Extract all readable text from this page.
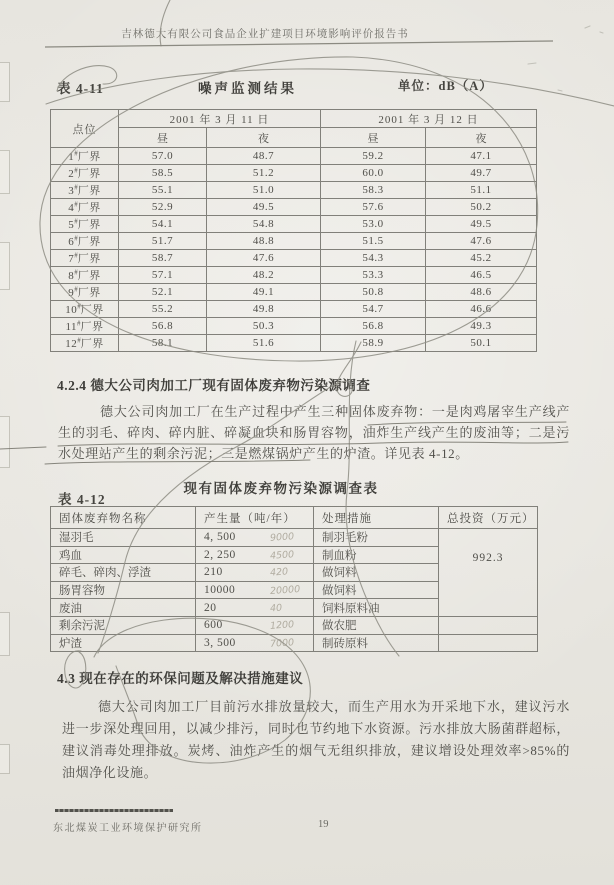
吉林德大有限公司食品企业扩建项目环境影响评价报告书
表 4-11	噪声监测结果	单位：dB（A）
点位	2001 年 3 月 11 日		2001 年 3 月 12 日	
	昼	夜	昼	夜
1#厂界	57.0	48.7	59.2	47.1
2#厂界	58.5	51.2	60.0	49.7
3#厂界	55.1	51.0	58.3	51.1
4#厂界	52.9	49.5	57.6	50.2
5#厂界	54.1	54.8	53.0	49.5
6#厂界	51.7	48.8	51.5	47.6
7#厂界	58.7	47.6	54.3	45.2
8#厂界	57.1	48.2	53.3	46.5
9#厂界	52.1	49.1	50.8	48.6
10#厂界	55.2	49.8	54.7	46.6
11#厂界	56.8	50.3	56.8	49.3
12#厂界	58.1	51.6	58.9	50.1
4.2.4 德大公司肉加工厂现有固体废弃物污染源调查
德大公司肉加工厂在生产过程中产生三种固体废弃物：一是肉鸡屠宰生产线产生的羽毛、碎肉、碎内脏、碎凝血块和肠胃容物，油炸生产线产生的废油等；二是污水处理站产生的剩余污泥；三是燃煤锅炉产生的炉渣。详见表 4-12。
表 4-12
现有固体废弃物污染源调查表
固体废弃物名称	产生量（吨/年）	处理措施	总投资（万元）
湿羽毛	4, 500 9000	制羽毛粉	992.3
鸡血	2, 250 4500	制血粉	
碎毛、碎肉、浮渣	210 420	做饲料	
肠胃容物	10000 20000	做饲料	
废油	20 40	饲料原料油	
剩余污泥	600 1200	做农肥	
炉渣	3, 500 7000	制砖原料	
4.3 现在存在的环保问题及解决措施建议
德大公司肉加工厂目前污水排放量较大，而生产用水为开采地下水，建议污水进一步深处理回用，以减少排污，同时也节约地下水资源。污水排放大肠菌群超标，建议消毒处理排放。炭烤、油炸产生的烟气无组织排放，建议增设处理效率>85%的油烟净化设施。
东北煤炭工业环境保护研究所	19
